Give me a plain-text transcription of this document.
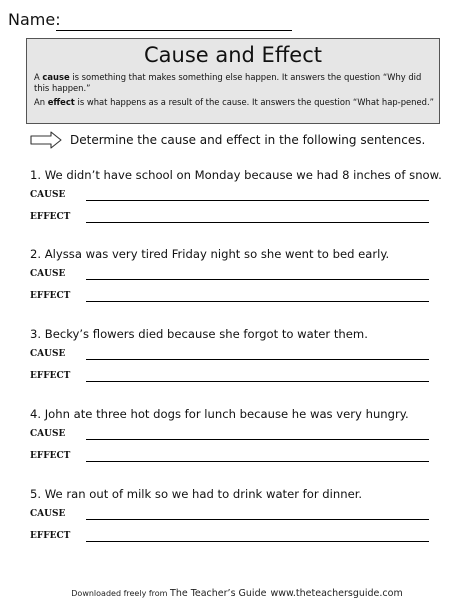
Name:
Cause and Effect
A cause is something that makes something else happen. It answers the question “Why did this happen.”
An effect is what happens as a result of the cause. It answers the question “What hap-pened.”
Determine the cause and effect in the following sentences.
1. We didn’t have school on Monday because we had 8 inches of snow.
CAUSE
EFFECT
2. Alyssa was very tired Friday night so she went to bed early.
CAUSE
EFFECT
3. Becky’s flowers died because she forgot to water them.
CAUSE
EFFECT
4. John ate three hot dogs for lunch because he was very hungry.
CAUSE
EFFECT
5. We ran out of milk so we had to drink water for dinner.
CAUSE
EFFECT
Downloaded freely from The Teacher’s Guide www.theteachersguide.com
